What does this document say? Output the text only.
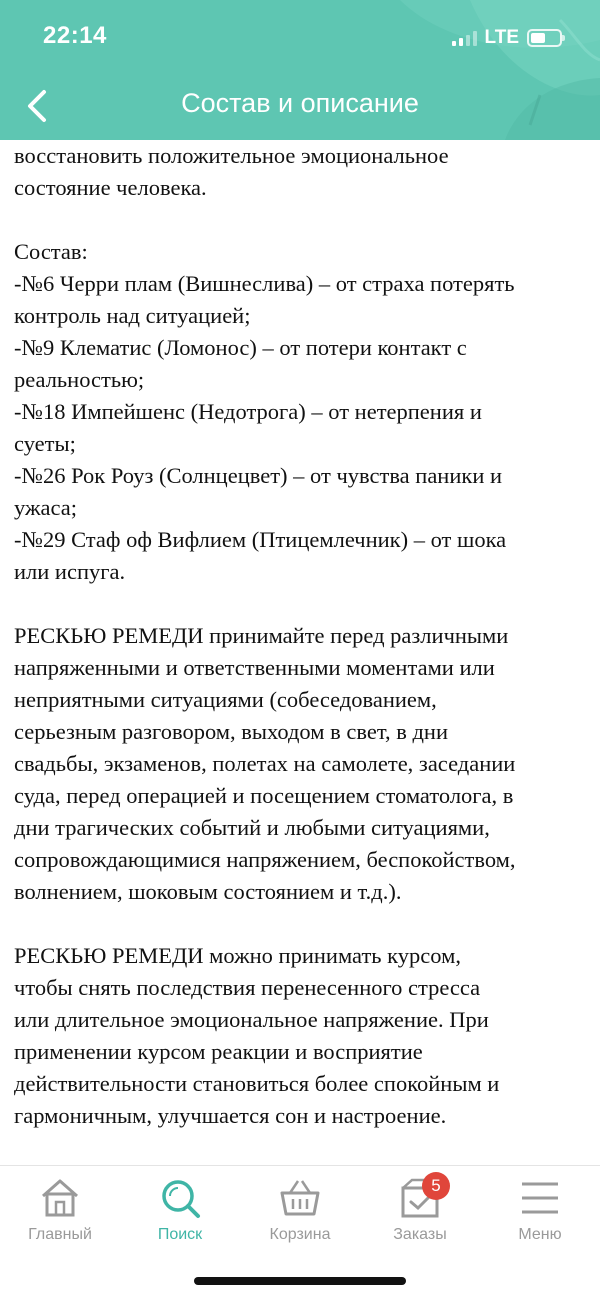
22:14	LTE
Состав и описание
восстановить положительное эмоциональное
состояние человека.
Состав:
-№6 Черри плам (Вишнеслива) – от страха потерять
контроль над ситуацией;
-№9 Клематис (Ломонос) – от потери контакт с
реальностью;
-№18 Импейшенс (Недотрога) – от нетерпения и
суеты;
-№26 Рок Роуз (Солнцецвет) – от чувства паники и
ужаса;
-№29 Стаф оф Вифлием (Птицемлечник) – от шока
или испуга.
РЕСКЬЮ РЕМЕДИ принимайте перед различными
напряженными и ответственными моментами или
неприятными ситуациями (собеседованием,
серьезным разговором, выходом в свет, в дни
свадьбы, экзаменов, полетах на самолете, заседании
суда, перед операцией и посещением стоматолога, в
дни трагических событий и любыми ситуациями,
сопровождающимися напряжением, беспокойством,
волнением, шоковым состоянием и т.д.).
РЕСКЬЮ РЕМЕДИ можно принимать курсом,
чтобы снять последствия перенесенного стресса
или длительное эмоциональное напряжение. При
применении курсом реакции и восприятие
действительности становиться более спокойным и
гармоничным, улучшается сон и настроение.
Главный	Поиск	Корзина
5
Заказы	Меню
